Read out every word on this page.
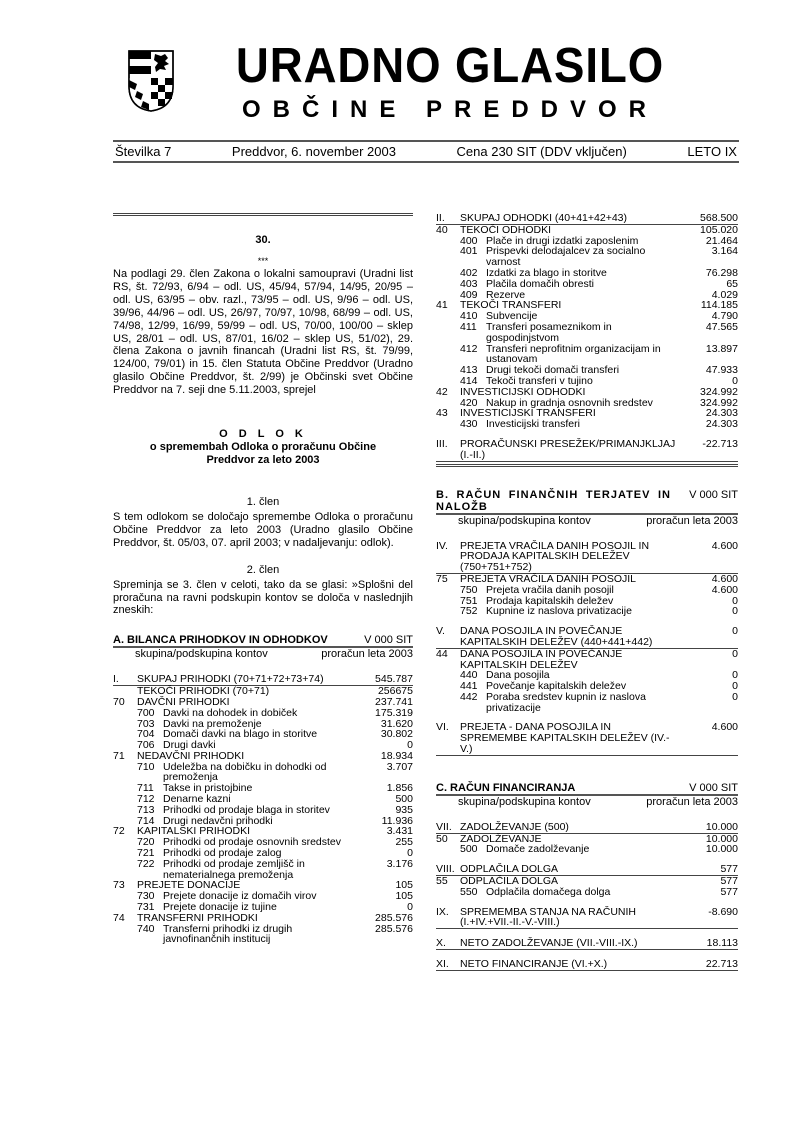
URADNO GLASILO
OBČINE PREDDVOR
Številka 7	Preddvor, 6. november 2003	Cena 230 SIT (DDV vključen)	LETO IX
30.
***
Na podlagi 29. člen Zakona o lokalni samoupravi (Uradni list RS, št. 72/93, 6/94 – odl. US, 45/94, 57/94, 14/95, 20/95 – odl. US, 63/95 – obv. razl., 73/95 – odl. US, 9/96 – odl. US, 39/96, 44/96 – odl. US, 26/97, 70/97, 10/98, 68/99 – odl. US, 74/98, 12/99, 16/99, 59/99 – odl. US, 70/00, 100/00 – sklep US, 28/01 – odl. US, 87/01, 16/02 – sklep US, 51/02), 29. člena Zakona o javnih financah (Uradni list RS, št. 79/99, 124/00, 79/01) in 15. člen Statuta Občine Preddvor (Uradno glasilo Občine Preddvor, št. 2/99) je Občinski svet Občine Preddvor na 7. seji dne 5.11.2003, sprejel
O D L O K
o spremembah Odloka o proračunu Občine Preddvor za leto 2003
1. člen
S tem odlokom se določajo spremembe Odloka o proračunu Občine Preddvor za leto 2003 (Uradno glasilo Občine Preddvor, št. 05/03, 07. april 2003; v nadaljevanju: odlok).
2. člen
Spreminja se 3. člen v celoti, tako da se glasi: »Splošni del proračuna na ravni podskupin kontov se določa v naslednjih zneskih:
A. BILANCA PRIHODKOV IN ODHODKOV	V 000 SIT
skupina/podskupina kontov	proračun leta 2003
I.	SKUPAJ PRIHODKI (70+71+72+73+74)	545.787
TEKOČI PRIHODKI (70+71)	256675
70	DAVČNI PRIHODKI	237.741
700 Davki na dohodek in dobiček	175.319
703 Davki na premoženje	31.620
704 Domači davki na blago in storitve	30.802
706 Drugi davki	0
71	NEDAVČNI PRIHODKI	18.934
710 Udeležba na dobičku in dohodki od premoženja
3.707
711 Takse in pristojbine	1.856
712 Denarne kazni	500
713 Prihodki od prodaje blaga in storitev	935
714 Drugi nedavčni prihodki	11.936
72	KAPITALSKI PRIHODKI	3.431
720 Prihodki od prodaje osnovnih sredstev	255
721 Prihodki od prodaje zalog	0
722 Prihodki od prodaje zemljišč in nematerialnega premoženja
3.176
73	PREJETE DONACIJE	105
730 Prejete donacije iz domačih virov	105
731 Prejete donacije iz tujine	0
74	TRANSFERNI PRIHODKI	285.576
740 Transferni prihodki iz drugih javnofinančnih institucij
285.576
II.	SKUPAJ ODHODKI (40+41+42+43)	568.500
40	TEKOČI ODHODKI	105.020
400 Plače in drugi izdatki zaposlenim	21.464
401 Prispevki delodajalcev za socialno varnost
3.164
402 Izdatki za blago in storitve	76.298
403 Plačila domačih obresti	65
409 Rezerve	4.029
41	TEKOČI TRANSFERI	114.185
410 Subvencije	4.790
411 Transferi posameznikom in gospodinjstvom
47.565
412 Transferi neprofitnim organizacijam in ustanovam
13.897
413 Drugi tekoči domači transferi	47.933
414 Tekoči transferi v tujino	0
42	INVESTICIJSKI ODHODKI	324.992
420 Nakup in gradnja osnovnih sredstev	324.992
43	INVESTICIJSKI TRANSFERI	24.303
430 Investicijski transferi	24.303
III.	PRORAČUNSKI PRESEŽEK/PRIMANJKLJAJ (I.-II.)
-22.713
B. RAČUN FINANČNIH TERJATEV IN NALOŽB
V 000 SIT
skupina/podskupina kontov	proračun leta 2003
IV.	PREJETA VRAČILA DANIH POSOJIL IN PRODAJA KAPITALSKIH DELEŽEV (750+751+752)
4.600
75	PREJETA VRAČILA DANIH POSOJIL	4.600
750 Prejeta vračila danih posojil	4.600
751 Prodaja kapitalskih deležev	0
752 Kupnine iz naslova privatizacije	0
V.	DANA POSOJILA IN POVEČANJE KAPITALSKIH DELEŽEV (440+441+442)
0
44	DANA POSOJILA IN POVEČANJE KAPITALSKIH DELEŽEV
0
440 Dana posojila	0
441 Povečanje kapitalskih deležev	0
442 Poraba sredstev kupnin iz naslova privatizacije
0
VI.	PREJETA - DANA POSOJILA IN SPREMEMBE KAPITALSKIH DELEŽEV (IV.-V.)
4.600
C. RAČUN FINANCIRANJA	V 000 SIT
skupina/podskupina kontov	proračun leta 2003
VII. ZADOLŽEVANJE (500)	10.000
50	ZADOLŽEVANJE	10.000
500 Domače zadolževanje	10.000
VIII. ODPLAČILA DOLGA	577
55	ODPLAČILA DOLGA	577
550 Odplačila domačega dolga	577
IX.	SPREMEMBA STANJA NA RAČUNIH (I.+IV.+VII.-II.-V.-VIII.)
-8.690
X.	NETO ZADOLŽEVANJE (VII.-VIII.-IX.)	18.113
XI.	NETO FINANCIRANJE (VI.+X.)	22.713
